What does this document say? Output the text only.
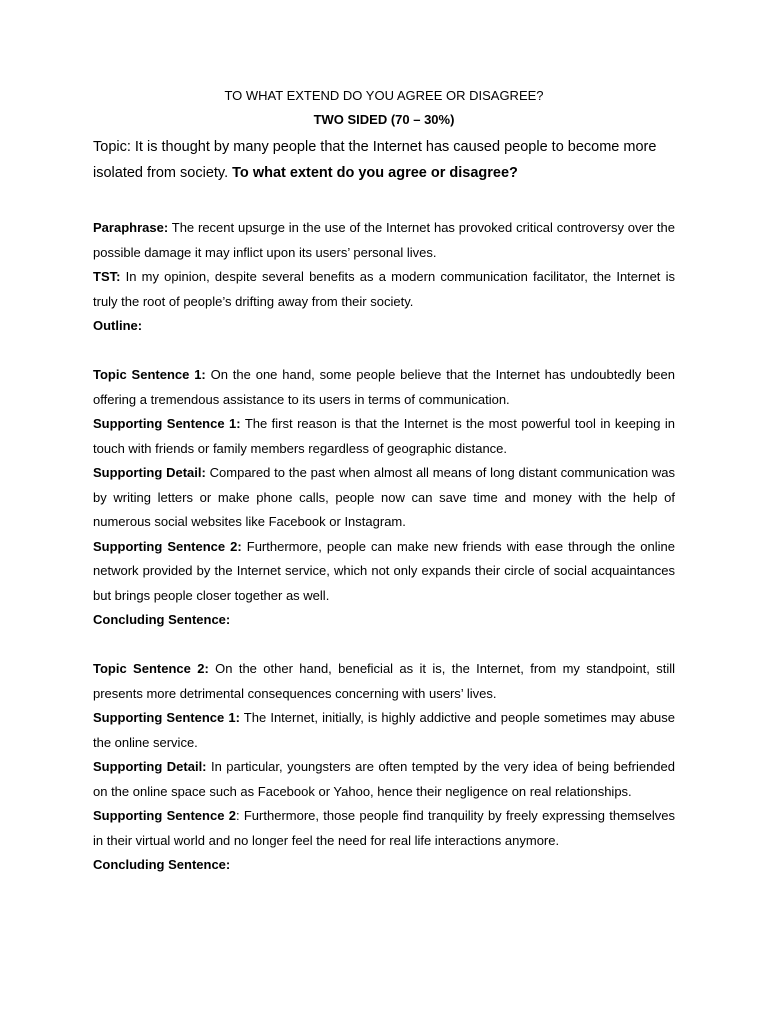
TO WHAT EXTEND DO YOU AGREE OR DISAGREE?

TWO SIDED (70 – 30%)

Topic: It is thought by many people that the Internet has caused people to become more isolated from society. To what extent do you agree or disagree?

Paraphrase: The recent upsurge in the use of the Internet has provoked critical controversy over the possible damage it may inflict upon its users’ personal lives.

TST: In my opinion, despite several benefits as a modern communication facilitator, the Internet is truly the root of people’s drifting away from their society.

Outline:

Topic Sentence 1: On the one hand, some people believe that the Internet has undoubtedly been offering a tremendous assistance to its users in terms of communication.

Supporting Sentence 1: The first reason is that the Internet is the most powerful tool in keeping in touch with friends or family members regardless of geographic distance.

Supporting Detail: Compared to the past when almost all means of long distant communication was by writing letters or make phone calls, people now can save time and money with the help of numerous social websites like Facebook or Instagram.

Supporting Sentence 2: Furthermore, people can make new friends with ease through the online network provided by the Internet service, which not only expands their circle of social acquaintances but brings people closer together as well.

Concluding Sentence:

Topic Sentence 2: On the other hand, beneficial as it is, the Internet, from my standpoint, still presents more detrimental consequences concerning with users’ lives.

Supporting Sentence 1: The Internet, initially, is highly addictive and people sometimes may abuse the online service.

Supporting Detail: In particular, youngsters are often tempted by the very idea of being befriended on the online space such as Facebook or Yahoo, hence their negligence on real relationships.

Supporting Sentence 2: Furthermore, those people find tranquility by freely expressing themselves in their virtual world and no longer feel the need for real life interactions anymore.

Concluding Sentence:
